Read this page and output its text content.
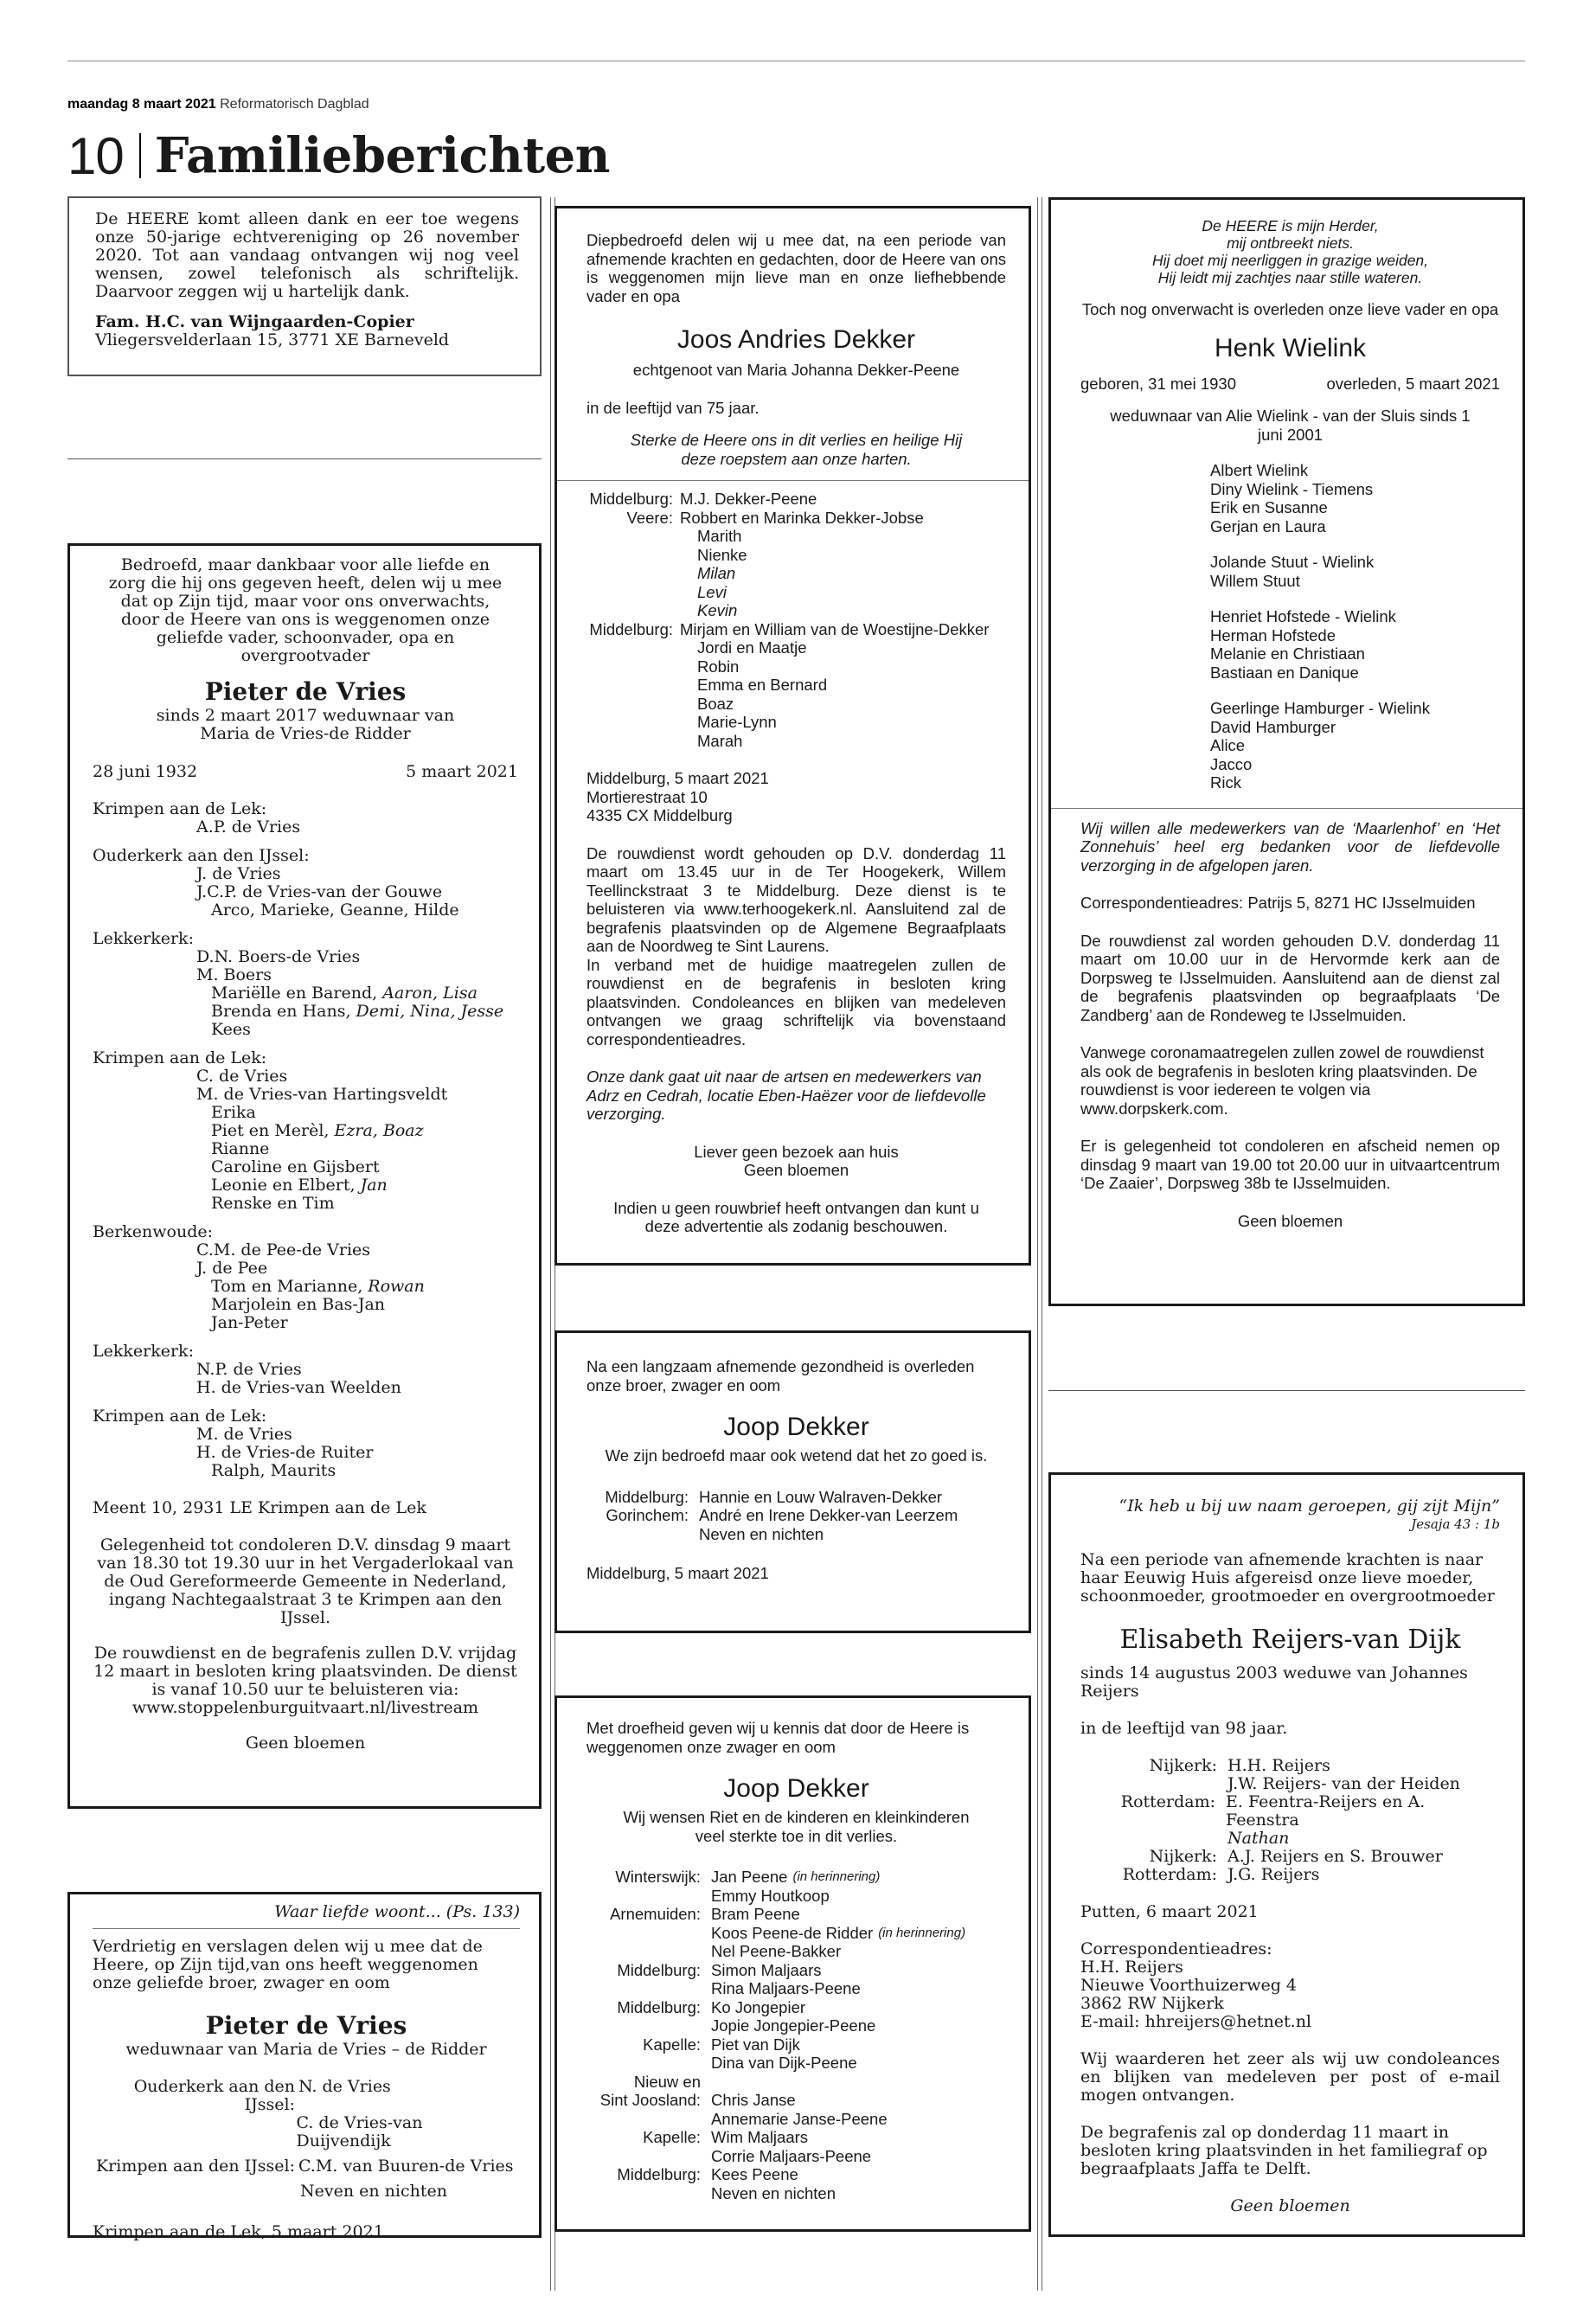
maandag 8 maart 2021 Reformatorisch Dagblad
10 Familieberichten
De HEERE komt alleen dank en eer toe wegens onze 50-jarige echtvereniging op 26 november 2020. Tot aan vandaag ontvangen wij nog veel wensen, zowel telefonisch als schriftelijk. Daarvoor zeggen wij u hartelijk dank.
Fam. H.C. van Wijngaarden-Copier
Vliegersvelderlaan 15, 3771 XE Barneveld
Bedroefd, maar dankbaar voor alle liefde en zorg die hij ons gegeven heeft, delen wij u mee dat op Zijn tijd, maar voor ons onverwachts, door de Heere van ons is weggenomen onze geliefde vader, schoonvader, opa en overgrootvader
Pieter de Vries
sinds 2 maart 2017 weduwnaar van
Maria de Vries-de Ridder
28 juni 1932	5 maart 2021
Krimpen aan de Lek:
A.P. de Vries
Ouderkerk aan den IJssel:
J. de Vries
J.C.P. de Vries-van der Gouwe
Arco, Marieke, Geanne, Hilde
Lekkerkerk:
D.N. Boers-de Vries
M. Boers
Mariëlle en Barend, Aaron, Lisa
Brenda en Hans, Demi, Nina, Jesse
Kees
Krimpen aan de Lek:
C. de Vries
M. de Vries-van Hartingsveldt
Erika
Piet en Merèl, Ezra, Boaz
Rianne
Caroline en Gijsbert
Leonie en Elbert, Jan
Renske en Tim
Berkenwoude:
C.M. de Pee-de Vries
J. de Pee
Tom en Marianne, Rowan
Marjolein en Bas-Jan
Jan-Peter
Lekkerkerk:
N.P. de Vries
H. de Vries-van Weelden
Krimpen aan de Lek:
M. de Vries
H. de Vries-de Ruiter
Ralph, Maurits
Meent 10, 2931 LE Krimpen aan de Lek
Gelegenheid tot condoleren D.V. dinsdag 9 maart van 18.30 tot 19.30 uur in het Vergaderlokaal van de Oud Gereformeerde Gemeente in Nederland, ingang Nachtegaalstraat 3 te Krimpen aan den IJssel.
De rouwdienst en de begrafenis zullen D.V. vrijdag 12 maart in besloten kring plaatsvinden. De dienst is vanaf 10.50 uur te beluisteren via: www.stoppelenburguitvaart.nl/livestream
Geen bloemen
Waar liefde woont... (Ps. 133)
Verdrietig en verslagen delen wij u mee dat de Heere, op Zijn tijd,van ons heeft weggenomen onze geliefde broer, zwager en oom
Pieter de Vries
weduwnaar van Maria de Vries – de Ridder
Ouderkerk aan den IJssel:
N. de Vries
C. de Vries-van Duijvendijk
Krimpen aan den IJssel: C.M. van Buuren-de Vries
Neven en nichten
Krimpen aan de Lek, 5 maart 2021
Diepbedroefd delen wij u mee dat, na een periode van afnemende krachten en gedachten, door de Heere van ons is weggenomen mijn lieve man en onze liefhebbende vader en opa
Joos Andries Dekker
echtgenoot van Maria Johanna Dekker-Peene
in de leeftijd van 75 jaar.
Sterke de Heere ons in dit verlies en heilige Hij deze roepstem aan onze harten.
Middelburg: M.J. Dekker-Peene
Veere: Robbert en Marinka Dekker-Jobse
Marith
Nienke
Milan
Levi
Kevin
Middelburg: Mirjam en William van de Woestijne-Dekker
Jordi en Maatje
Robin
Emma en Bernard
Boaz
Marie-Lynn
Marah
Middelburg, 5 maart 2021
Mortierestraat 10
4335 CX Middelburg
De rouwdienst wordt gehouden op D.V. donderdag 11 maart om 13.45 uur in de Ter Hoogekerk, Willem Teellinckstraat 3 te Middelburg. Deze dienst is te beluisteren via www.terhoogekerk.nl. Aansluitend zal de begrafenis plaatsvinden op de Algemene Begraafplaats aan de Noordweg te Sint Laurens.
In verband met de huidige maatregelen zullen de rouwdienst en de begrafenis in besloten kring plaatsvinden. Condoleances en blijken van medeleven ontvangen we graag schriftelijk via bovenstaand correspondentieadres.
Onze dank gaat uit naar de artsen en medewerkers van Adrz en Cedrah, locatie Eben-Haëzer voor de liefdevolle verzorging.
Liever geen bezoek aan huis
Geen bloemen
Indien u geen rouwbrief heeft ontvangen dan kunt u deze advertentie als zodanig beschouwen.
Na een langzaam afnemende gezondheid is overleden onze broer, zwager en oom
Joop Dekker
We zijn bedroefd maar ook wetend dat het zo goed is.
Middelburg: Hannie en Louw Walraven-Dekker
Gorinchem: André en Irene Dekker-van Leerzem
Neven en nichten
Middelburg, 5 maart 2021
Met droefheid geven wij u kennis dat door de Heere is weggenomen onze zwager en oom
Joop Dekker
Wij wensen Riet en de kinderen en kleinkinderen veel sterkte toe in dit verlies.
Winterswijk: Jan Peene (in herinnering)
Emmy Houtkoop
Arnemuiden: Bram Peene
Koos Peene-de Ridder (in herinnering)
Nel Peene-Bakker
Middelburg: Simon Maljaars
Rina Maljaars-Peene
Middelburg: Ko Jongepier
Jopie Jongepier-Peene
Kapelle: Piet van Dijk
Dina van Dijk-Peene
Nieuw en
Sint Joosland: Chris Janse
Annemarie Janse-Peene
Kapelle: Wim Maljaars
Corrie Maljaars-Peene
Middelburg: Kees Peene
Neven en nichten
De HEERE is mijn Herder,
mij ontbreekt niets.
Hij doet mij neerliggen in grazige weiden,
Hij leidt mij zachtjes naar stille wateren.
Toch nog onverwacht is overleden onze lieve vader en opa
Henk Wielink
geboren, 31 mei 1930	overleden, 5 maart 2021
weduwnaar van Alie Wielink - van der Sluis sinds 1 juni 2001
Albert Wielink
Diny Wielink - Tiemens
Erik en Susanne
Gerjan en Laura
Jolande Stuut - Wielink
Willem Stuut
Henriet Hofstede - Wielink
Herman Hofstede
Melanie en Christiaan
Bastiaan en Danique
Geerlinge Hamburger - Wielink
David Hamburger
Alice
Jacco
Rick
Wij willen alle medewerkers van de ‘Maarlenhof’ en ‘Het Zonnehuis’ heel erg bedanken voor de liefdevolle verzorging in de afgelopen jaren.
Correspondentieadres: Patrijs 5, 8271 HC IJsselmuiden
De rouwdienst zal worden gehouden D.V. donderdag 11 maart om 10.00 uur in de Hervormde kerk aan de Dorpsweg te IJsselmuiden. Aansluitend aan de dienst zal de begrafenis plaatsvinden op begraafplaats ‘De Zandberg’ aan de Rondeweg te IJsselmuiden.
Vanwege coronamaatregelen zullen zowel de rouwdienst als ook de begrafenis in besloten kring plaatsvinden. De rouwdienst is voor iedereen te volgen via www.dorpskerk.com.
Er is gelegenheid tot condoleren en afscheid nemen op dinsdag 9 maart van 19.00 tot 20.00 uur in uitvaartcentrum ‘De Zaaier’, Dorpsweg 38b te IJsselmuiden.
Geen bloemen
“Ik heb u bij uw naam geroepen, gij zijt Mijn”
Jesaja 43 : 1b
Na een periode van afnemende krachten is naar haar Eeuwig Huis afgereisd onze lieve moeder, schoonmoeder, grootmoeder en overgrootmoeder
Elisabeth Reijers-van Dijk
sinds 14 augustus 2003 weduwe van Johannes Reijers
in de leeftijd van 98 jaar.
Nijkerk: H.H. Reijers
J.W. Reijers- van der Heiden
Rotterdam: E. Feentra-Reijers en A. Feenstra
Nathan
Nijkerk: A.J. Reijers en S. Brouwer
Rotterdam: J.G. Reijers
Putten, 6 maart 2021
Correspondentieadres:
H.H. Reijers
Nieuwe Voorthuizerweg 4
3862 RW Nijkerk
E-mail: hhreijers@hetnet.nl
Wij waarderen het zeer als wij uw condoleances en blijken van medeleven per post of e-mail mogen ontvangen.
De begrafenis zal op donderdag 11 maart in besloten kring plaatsvinden in het familiegraf op begraafplaats Jaffa te Delft.
Geen bloemen
